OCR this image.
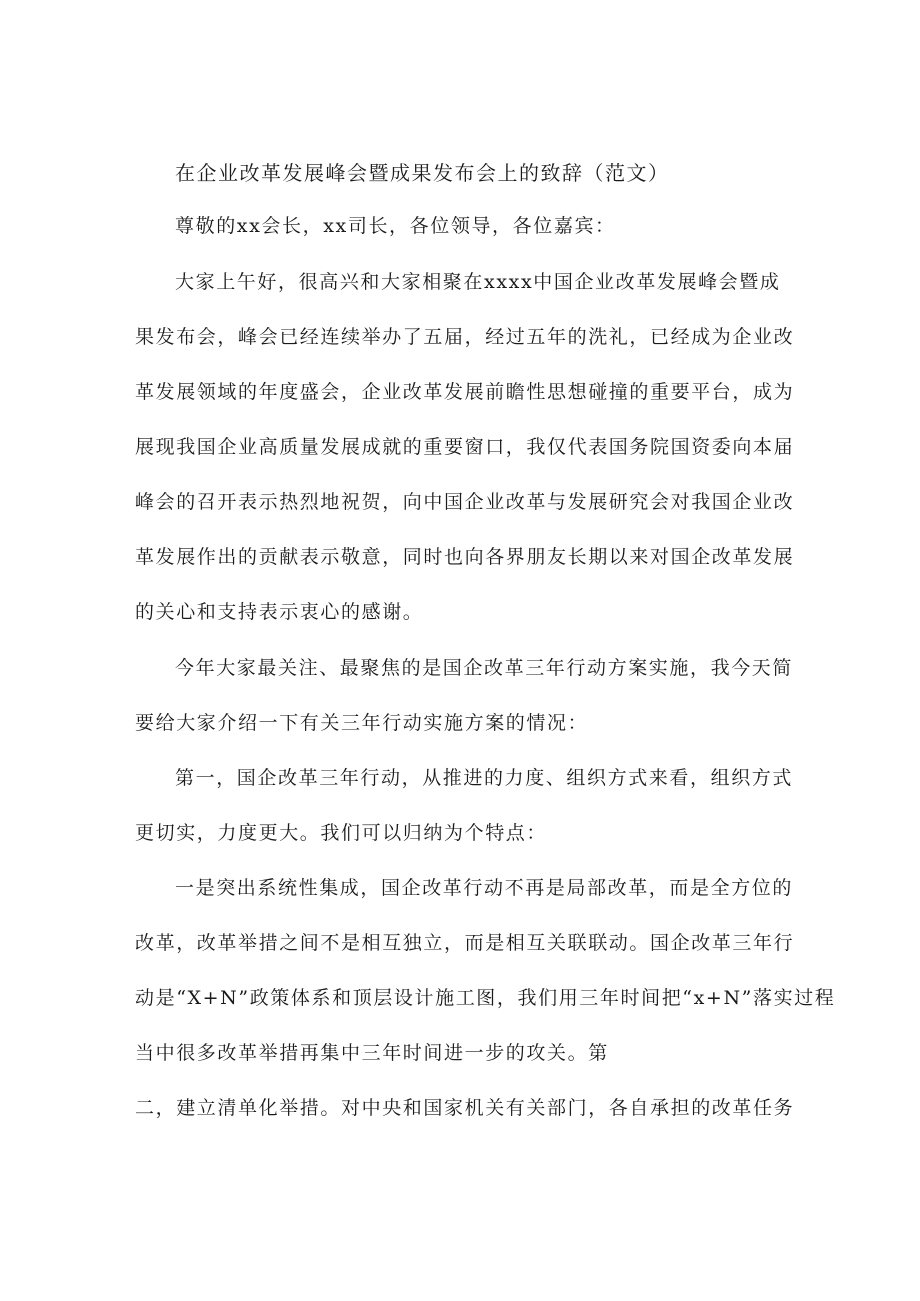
在企业改革发展峰会暨成果发布会上的致辞（范文）
尊敬的xx会长，xx司长，各位领导，各位嘉宾：
大家上午好，很高兴和大家相聚在xxxx中国企业改革发展峰会暨成
果发布会，峰会已经连续举办了五届，经过五年的洗礼，已经成为企业改
革发展领域的年度盛会，企业改革发展前瞻性思想碰撞的重要平台，成为
展现我国企业高质量发展成就的重要窗口，我仅代表国务院国资委向本届
峰会的召开表示热烈地祝贺，向中国企业改革与发展研究会对我国企业改
革发展作出的贡献表示敬意，同时也向各界朋友长期以来对国企改革发展
的关心和支持表示衷心的感谢。
今年大家最关注、最聚焦的是国企改革三年行动方案实施，我今天简
要给大家介绍一下有关三年行动实施方案的情况：
第一，国企改革三年行动，从推进的力度、组织方式来看，组织方式
更切实，力度更大。我们可以归纳为个特点：
一是突出系统性集成，国企改革行动不再是局部改革，而是全方位的
改革，改革举措之间不是相互独立，而是相互关联联动。国企改革三年行
动是“X+N”政策体系和顶层设计施工图，我们用三年时间把“x+N”落实过程
当中很多改革举措再集中三年时间进一步的攻关。第
二，建立清单化举措。对中央和国家机关有关部门，各自承担的改革任务
